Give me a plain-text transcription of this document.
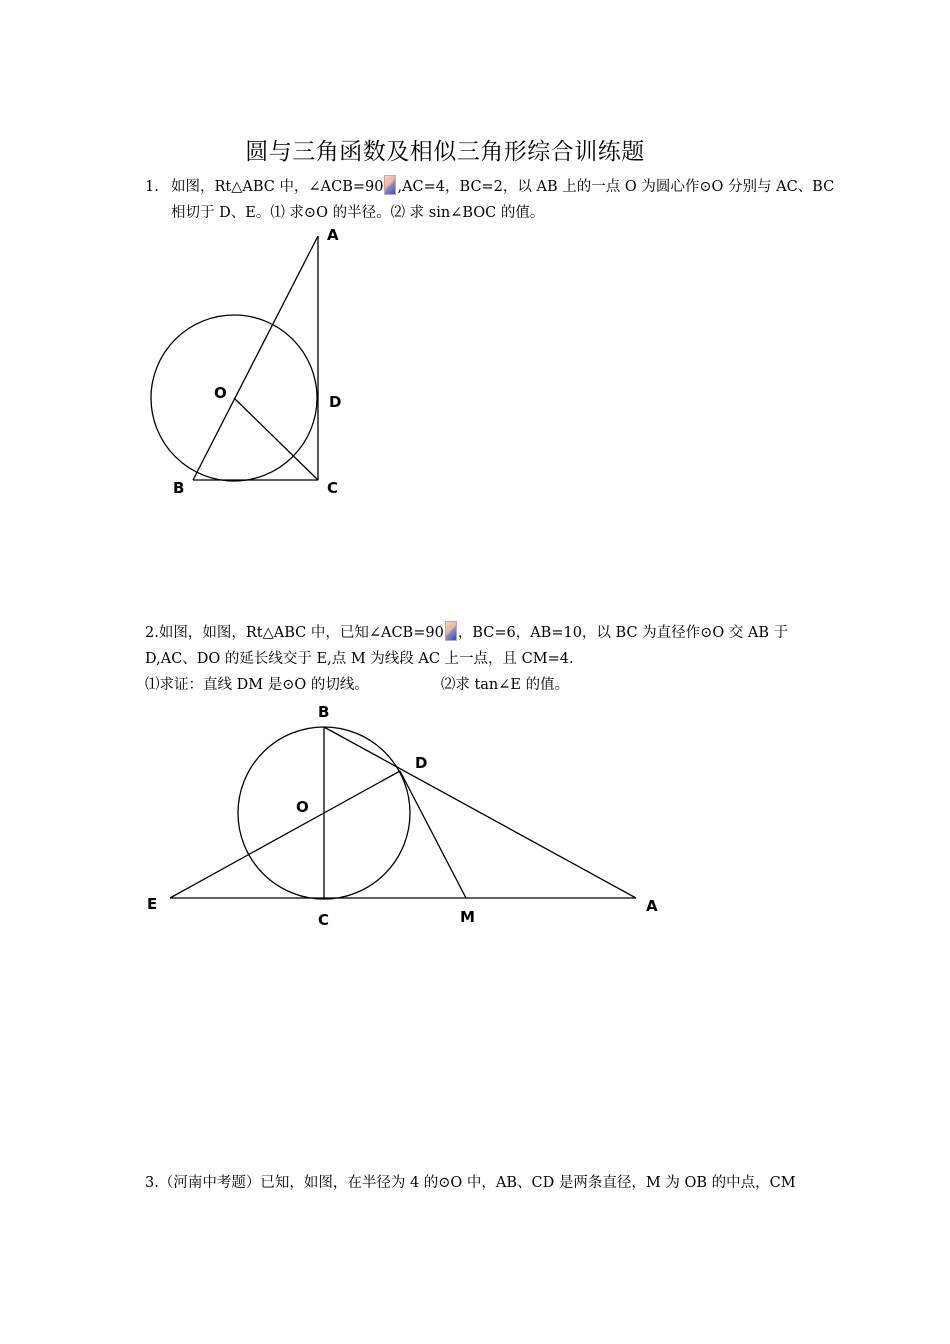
圆与三角函数及相似三角形综合训练题
1. 如图，Rt△ABC 中，∠ACB=90 ,AC=4，BC=2，以 AB 上的一点 O 为圆心作⊙O 分别与 AC、BC
相切于 D、E。⑴ 求⊙O 的半径。⑵ 求 sin∠BOC 的值。
A
O	D
B	C
2.如图，如图，Rt△ABC 中，已知∠ACB=90 ，BC=6，AB=10，以 BC 为直径作⊙O 交 AB 于
D,AC、DO 的延长线交于 E,点 M 为线段 AC 上一点，且 CM=4.
⑴求证：直线 DM 是⊙O 的切线。	⑵求 tan∠E 的值。
B
D
O
E
C	M
A
3.（河南中考题）已知，如图，在半径为 4 的⊙O 中，AB、CD 是两条直径，M 为 OB 的中点，CM
